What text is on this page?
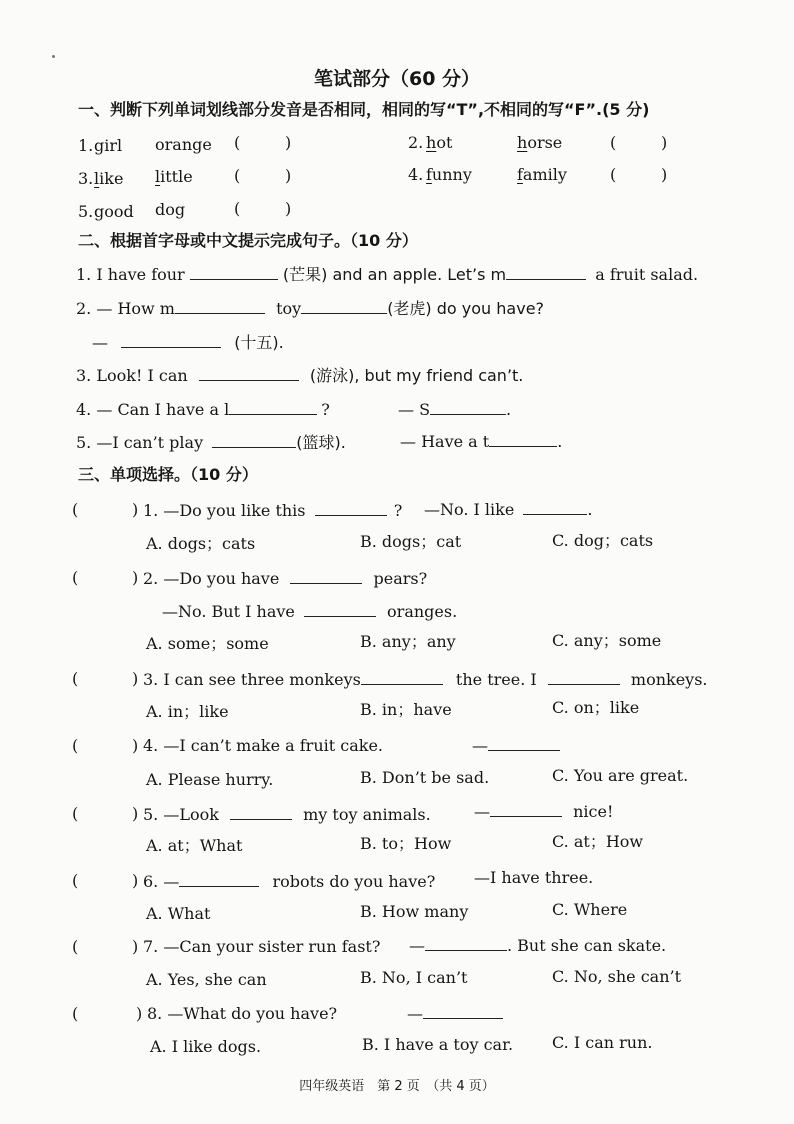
笔试部分（60 分）
一、判断下列单词划线部分发音是否相同，相同的写“T”,不相同的写“F”.(5 分)
1. girl orange (	)	2. hot	horse	(	)
3. like little	(	)	4. funny	family	(	)
5. good dog	(	)
二、根据首字母或中文提示完成句子。（10 分）
1. I have four	(芒果) and an apple. Let’s m	a fruit salad.
2. — How m	toy	(老虎) do you have?
—	(十五).
3. Look! I can	(游泳), but my friend can’t.
4. — Can I have a l	?	— S	.
5. —I can’t play	(篮球).	— Have a t	.
三、单项选择。（10 分）
(	) 1. —Do you like this	? —No. I like	.
A. dogs；cats	B. dogs；cat	C. dog；cats
(	) 2. —Do you have	pears?
—No. But I have	oranges.
A. some；some	B. any；any	C. any；some
(	) 3. I can see three monkeys	the tree. I	monkeys.
A. in；like	B. in；have	C. on；like
(	) 4. —I can’t make a fruit cake.	—
A. Please hurry.	B. Don’t be sad.	C. You are great.
(	) 5. —Look	my toy animals.	—	nice!
A. at；What	B. to；How	C. at；How
(	) 6. —	robots do you have? —I have three.
A. What	B. How many	C. Where
(	) 7. —Can your sister run fast? —	. But she can skate.
A. Yes, she can	B. No, I can’t	C. No, she can’t
(	) 8. —What do you have?	—
A. I like dogs.	B. I have a toy car. C. I can run.
四年级英语　第 2 页　（共 4 页）
